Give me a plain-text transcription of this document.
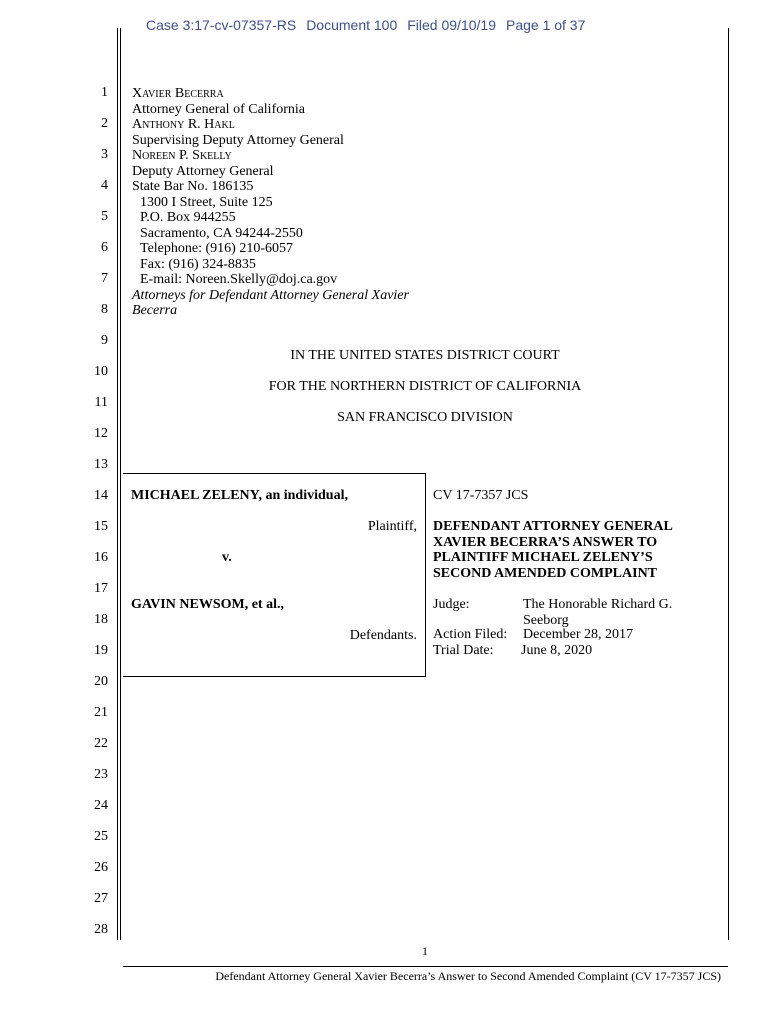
Case 3:17-cv-07357-RS Document 100 Filed 09/10/19 Page 1 of 37
1
2
3
4
5
6
7
8
9
10
11
12
13
14
15
16
17
18
19
20
21
22
23
24
25
26
27
28
Xavier Becerra
Attorney General of California
Anthony R. Hakl
Supervising Deputy Attorney General
Noreen P. Skelly
Deputy Attorney General
State Bar No. 186135
1300 I Street, Suite 125
P.O. Box 944255
Sacramento, CA 94244-2550
Telephone: (916) 210-6057
Fax: (916) 324-8835
E-mail: Noreen.Skelly@doj.ca.gov
Attorneys for Defendant Attorney General Xavier
Becerra
IN THE UNITED STATES DISTRICT COURT
FOR THE NORTHERN DISTRICT OF CALIFORNIA
SAN FRANCISCO DIVISION
MICHAEL ZELENY, an individual,
Plaintiff,
v.
GAVIN NEWSOM, et al.,
Defendants.
CV 17-7357 JCS
DEFENDANT ATTORNEY GENERAL
XAVIER BECERRA’S ANSWER TO
PLAINTIFF MICHAEL ZELENY’S
SECOND AMENDED COMPLAINT
Judge:	The Honorable Richard G.
Seeborg
Action Filed: December 28, 2017
Trial Date: June 8, 2020
1
Defendant Attorney General Xavier Becerra’s Answer to Second Amended Complaint (CV 17-7357 JCS)
